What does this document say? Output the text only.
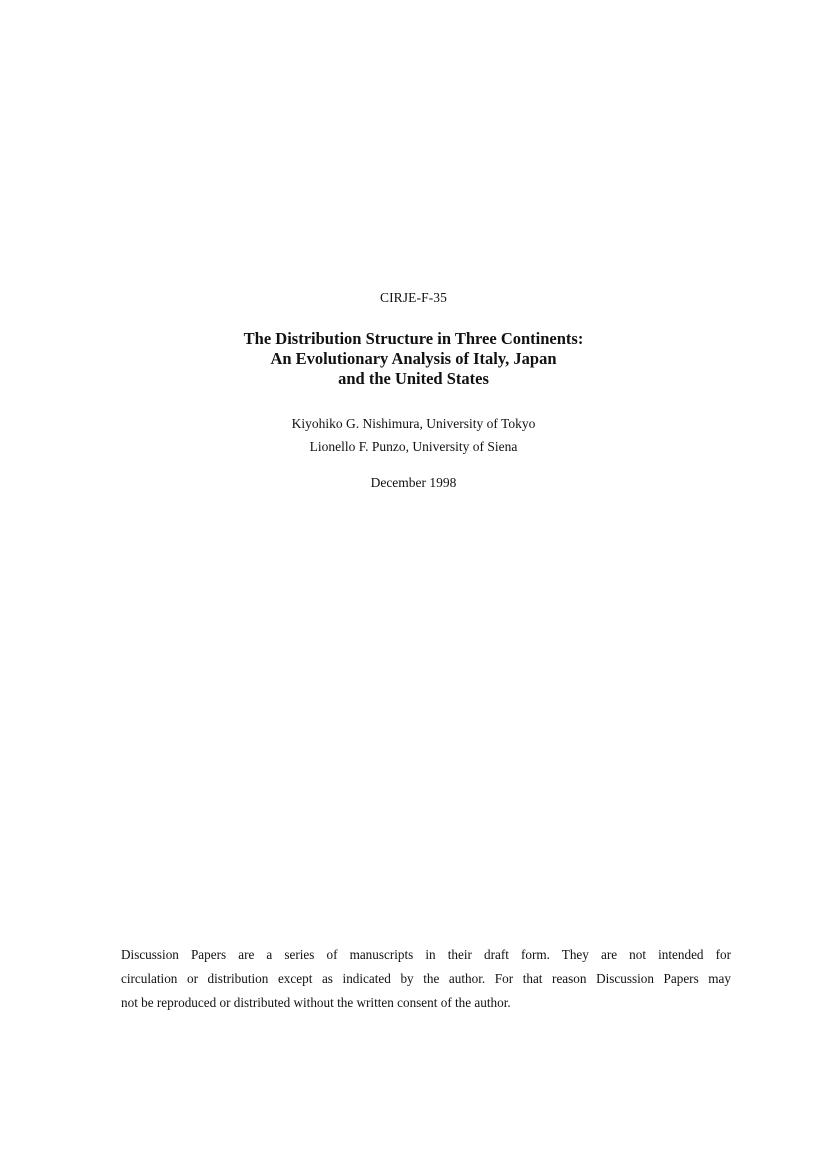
CIRJE-F-35
The Distribution Structure in Three Continents:
An Evolutionary Analysis of Italy, Japan
and the United States
Kiyohiko G. Nishimura, University of Tokyo
Lionello F. Punzo, University of Siena
December 1998
Discussion Papers are a series of manuscripts in their draft form. They are not intended for
circulation or distribution except as indicated by the author. For that reason Discussion Papers may
not be reproduced or distributed without the written consent of the author.
